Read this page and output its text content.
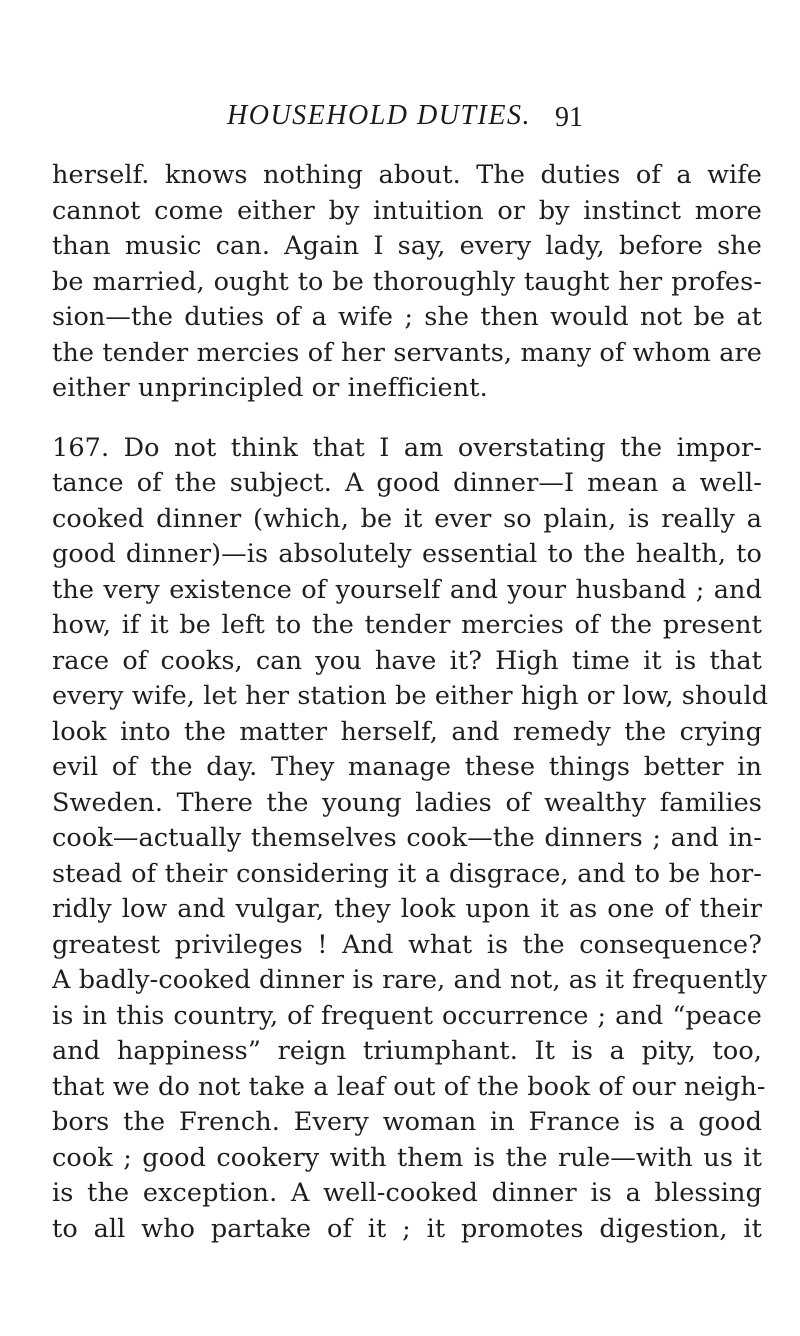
HOUSEHOLD DUTIES. 91
herself. knows nothing about. The duties of a wife
cannot come either by intuition or by instinct more
than music can. Again I say, every lady, before she
be married, ought to be thoroughly taught her profes-
sion—the duties of a wife ; she then would not be at
the tender mercies of her servants, many of whom are
either unprincipled or inefficient.
167. Do not think that I am overstating the impor-
tance of the subject. A good dinner—I mean a well-
cooked dinner (which, be it ever so plain, is really a
good dinner)—is absolutely essential to the health, to
the very existence of yourself and your husband ; and
how, if it be left to the tender mercies of the present
race of cooks, can you have it? High time it is that
every wife, let her station be either high or low, should
look into the matter herself, and remedy the crying
evil of the day. They manage these things better in
Sweden. There the young ladies of wealthy families
cook—actually themselves cook—the dinners ; and in-
stead of their considering it a disgrace, and to be hor-
ridly low and vulgar, they look upon it as one of their
greatest privileges ! And what is the consequence?
A badly-cooked dinner is rare, and not, as it frequently
is in this country, of frequent occurrence ; and “peace
and happiness” reign triumphant. It is a pity, too,
that we do not take a leaf out of the book of our neigh-
bors the French. Every woman in France is a good
cook ; good cookery with them is the rule—with us it
is the exception. A well-cooked dinner is a blessing
to all who partake of it ; it promotes digestion, it
